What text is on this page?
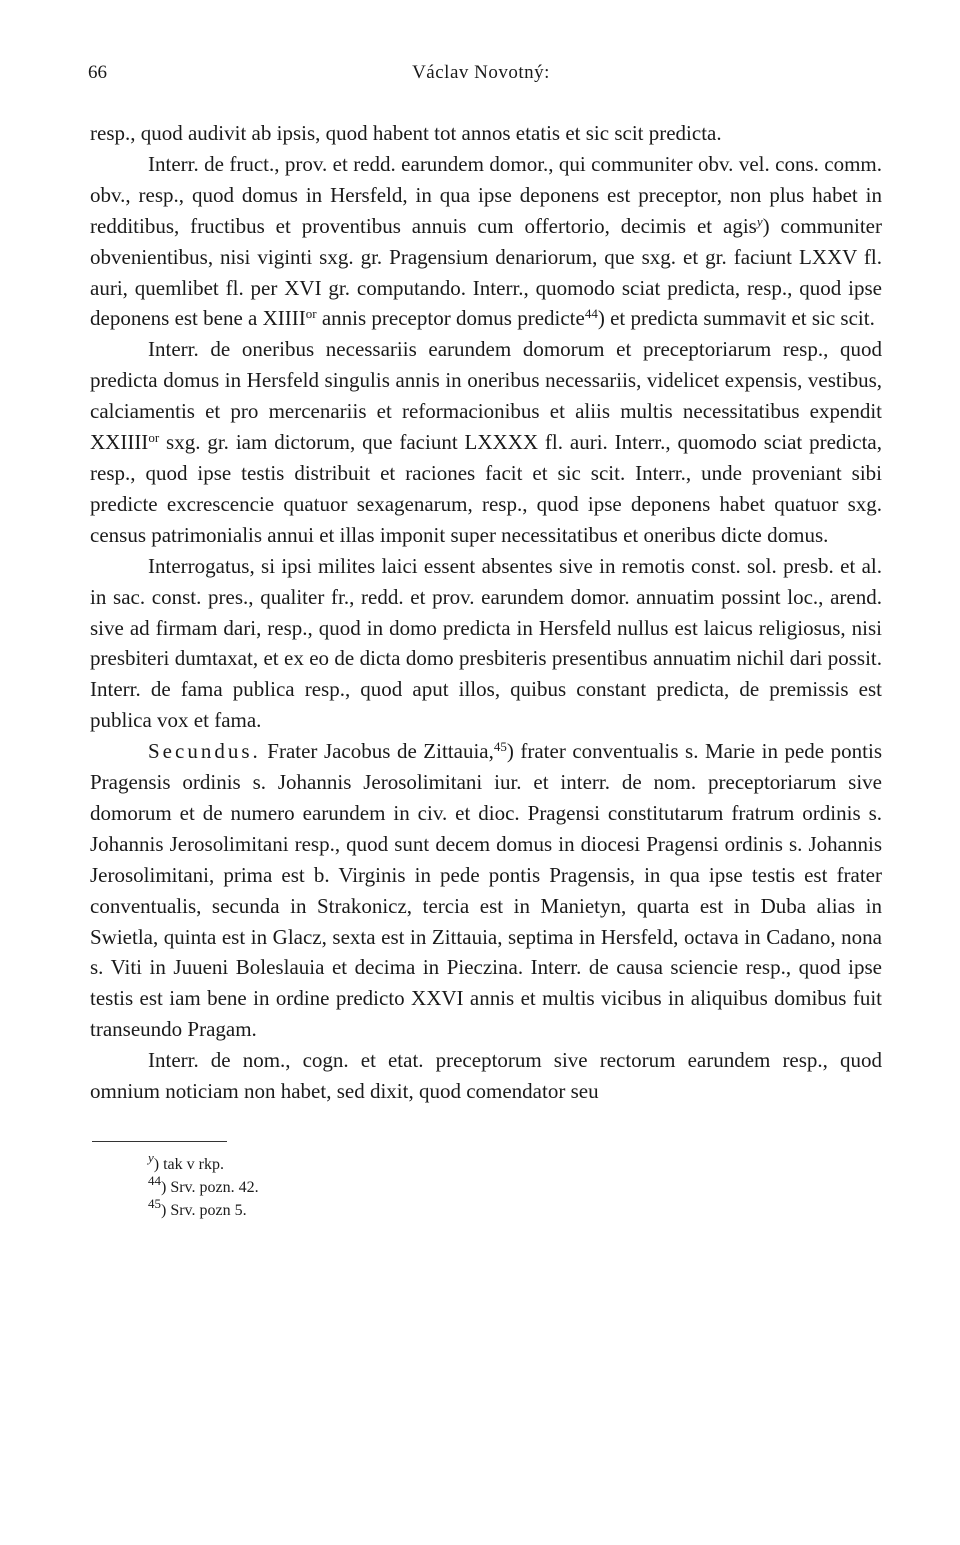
66	Václav Novotný:

resp., quod audivit ab ipsis, quod habent tot annos etatis et sic scit predicta.

Interr. de fruct., prov. et redd. earundem domor., qui communiter obv. vel. cons. comm. obv., resp., quod domus in Hersfeld, in qua ipse deponens est preceptor, non plus habet in redditibus, fructibus et proventibus annuis cum offertorio, decimis et agis$^y$) communiter obvenientibus, nisi viginti sxg. gr. Pragensium denariorum, que sxg. et gr. faciunt LXXV fl. auri, quemlibet fl. per XVI gr. computando. Interr., quomodo sciat predicta, resp., quod ipse deponens est bene a $XIIII^{or}$ annis preceptor domus predicte$^{44}$) et predicta summavit et sic scit.

Interr. de oneribus necessariis earundem domorum et preceptoriarum resp., quod predicta domus in Hersfeld singulis annis in oneribus necessariis, videlicet expensis, vestibus, calciamentis et pro mercenariis et reformacionibus et aliis multis necessitatibus expendit $XXIIII^{or}$ sxg. gr. iam dictorum, que faciunt LXXXX fl. auri. Interr., quomodo sciat predicta, resp., quod ipse testis distribuit et raciones facit et sic scit. Interr., unde proveniant sibi predicte excrescencie quatuor sexagenarum, resp., quod ipse deponens habet quatuor sxg. census patrimonialis annui et illas imponit super necessitatibus et oneribus dicte domus.

Interrogatus, si ipsi milites laici essent absentes sive in remotis const. sol. presb. et al. in sac. const. pres., qualiter fr., redd. et prov. earundem domor. annuatim possint loc., arend. sive ad firmam dari, resp., quod in domo predicta in Hersfeld nullus est laicus religiosus, nisi presbiteri dumtaxat, et ex eo de dicta domo presbiteris presentibus annuatim nichil dari possit. Interr. de fama publica resp., quod aput illos, quibus constant predicta, de premissis est publica vox et fama.

Secundus. Frater Jacobus de Zittauia,$^{45}$) frater conventualis s. Marie in pede pontis Pragensis ordinis s. Johannis Jerosolimitani iur. et interr. de nom. preceptoriarum sive domorum et de numero earundem in civ. et dioc. Pragensi constitutarum fratrum ordinis s. Johannis Jerosolimitani resp., quod sunt decem domus in diocesi Pragensi ordinis s. Johannis Jerosolimitani, prima est b. Virginis in pede pontis Pragensis, in qua ipse testis est frater conventualis, secunda in Strakonicz, tercia est in Manietyn, quarta est in Duba alias in Swietla, quinta est in Glacz, sexta est in Zittauia, septima in Hersfeld, octava in Cadano, nona s. Viti in Juueni Boleslauia et decima in Pieczina. Interr. de causa sciencie resp., quod ipse testis est iam bene in ordine predicto XXVI annis et multis vicibus in aliquibus domibus fuit transeundo Pragam.

Interr. de nom., cogn. et etat. preceptorum sive rectorum earundem resp., quod omnium noticiam non habet, sed dixit, quod comendator seu

$^y$) tak v rkp.

$^{44}$) Srv. pozn. 42.

$^{45}$) Srv. pozn 5.
